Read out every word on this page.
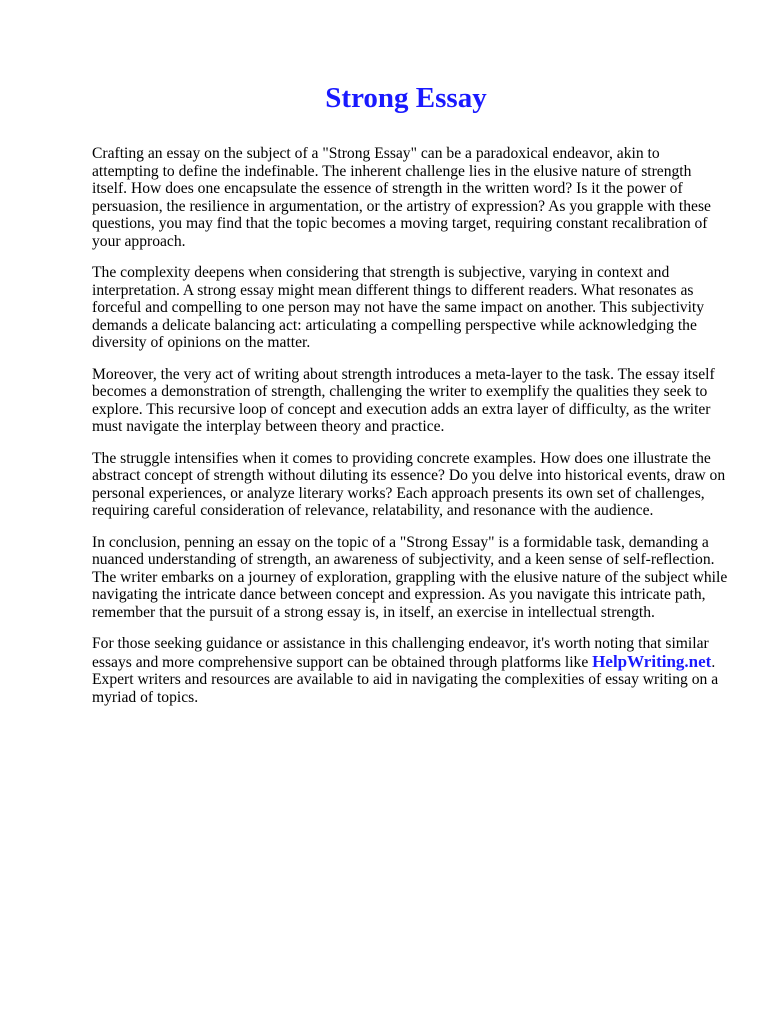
Strong Essay

Crafting an essay on the subject of a "Strong Essay" can be a paradoxical endeavor, akin to attempting to define the indefinable. The inherent challenge lies in the elusive nature of strength itself. How does one encapsulate the essence of strength in the written word? Is it the power of persuasion, the resilience in argumentation, or the artistry of expression? As you grapple with these questions, you may find that the topic becomes a moving target, requiring constant recalibration of your approach.

The complexity deepens when considering that strength is subjective, varying in context and interpretation. A strong essay might mean different things to different readers. What resonates as forceful and compelling to one person may not have the same impact on another. This subjectivity demands a delicate balancing act: articulating a compelling perspective while acknowledging the diversity of opinions on the matter.

Moreover, the very act of writing about strength introduces a meta-layer to the task. The essay itself becomes a demonstration of strength, challenging the writer to exemplify the qualities they seek to explore. This recursive loop of concept and execution adds an extra layer of difficulty, as the writer must navigate the interplay between theory and practice.

The struggle intensifies when it comes to providing concrete examples. How does one illustrate the abstract concept of strength without diluting its essence? Do you delve into historical events, draw on personal experiences, or analyze literary works? Each approach presents its own set of challenges, requiring careful consideration of relevance, relatability, and resonance with the audience.

In conclusion, penning an essay on the topic of a "Strong Essay" is a formidable task, demanding a nuanced understanding of strength, an awareness of subjectivity, and a keen sense of self-reflection. The writer embarks on a journey of exploration, grappling with the elusive nature of the subject while navigating the intricate dance between concept and expression. As you navigate this intricate path, remember that the pursuit of a strong essay is, in itself, an exercise in intellectual strength.

For those seeking guidance or assistance in this challenging endeavor, it's worth noting that similar essays and more comprehensive support can be obtained through platforms like HelpWriting.net. Expert writers and resources are available to aid in navigating the complexities of essay writing on a myriad of topics.
